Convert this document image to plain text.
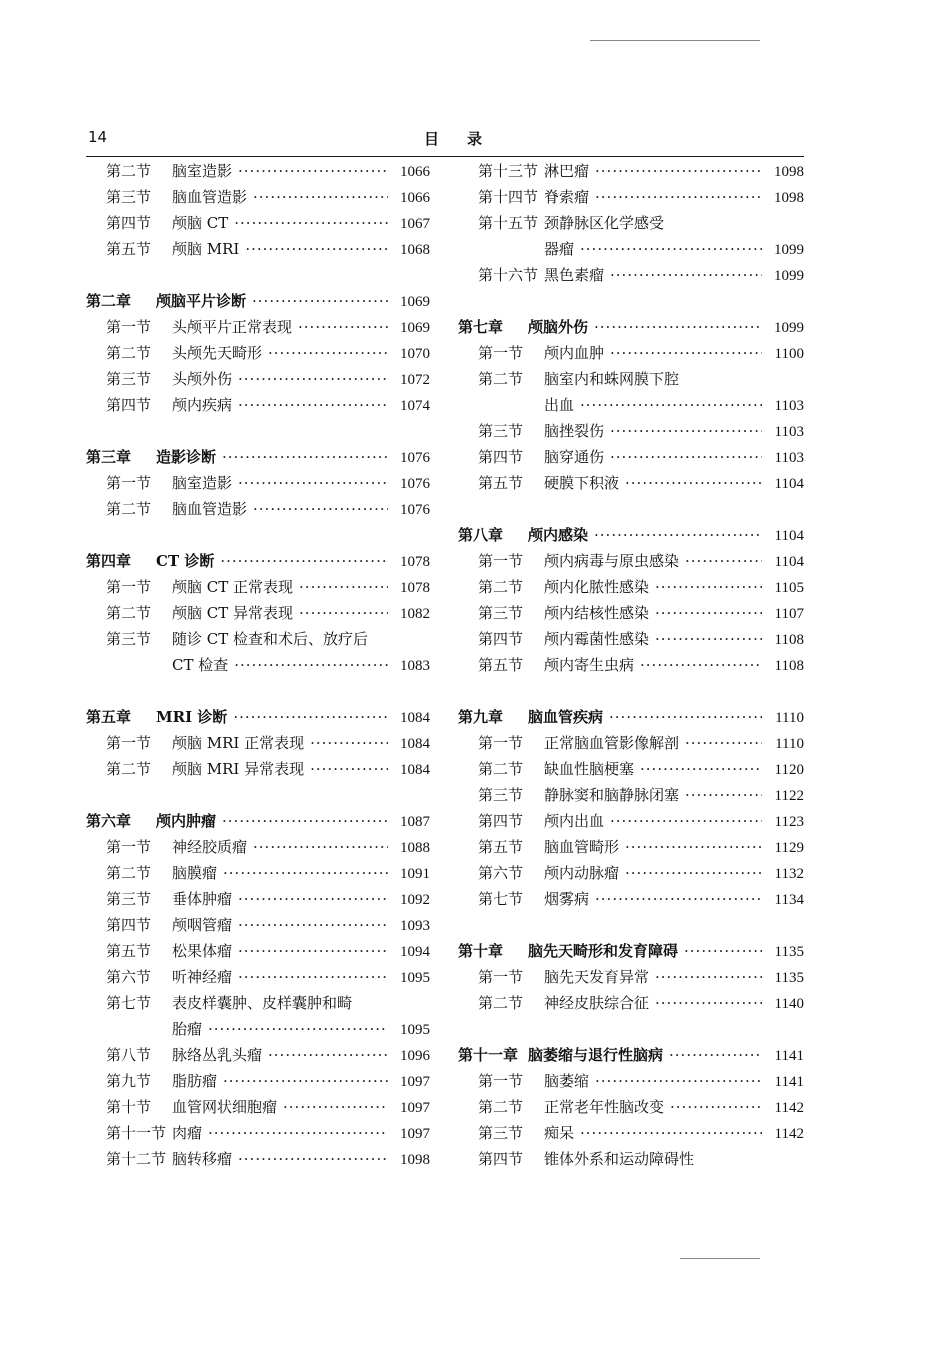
14	目录
第二节	脑室造影 ·····	1066
第三节	脑血管造影 ·····	1066
第四节	颅脑 CT ·····	1067
第五节	颅脑 MRI ·····	1068
第二章	颅脑平片诊断 ·····	1069
第一节	头颅平片正常表现 ·····	1069
第二节	头颅先天畸形 ·····	1070
第三节	头颅外伤 ·····	1072
第四节	颅内疾病 ·····	1074
第三章	造影诊断 ·····	1076
第一节	脑室造影 ·····	1076
第二节	脑血管造影 ·····	1076
第四章	CT 诊断 ·····	1078
第一节	颅脑 CT 正常表现 ·····	1078
第二节	颅脑 CT 异常表现 ·····	1082
第三节	随诊 CT 检查和术后、放疗后
CT 检查 ·····	1083
第五章	MRI 诊断 ·····	1084
第一节	颅脑 MRI 正常表现 ·····	1084
第二节	颅脑 MRI 异常表现 ·····	1084
第六章	颅内肿瘤 ·····	1087
第一节	神经胶质瘤 ·····	1088
第二节	脑膜瘤 ·····	1091
第三节	垂体肿瘤 ·····	1092
第四节	颅咽管瘤 ·····	1093
第五节	松果体瘤 ·····	1094
第六节	听神经瘤 ·····	1095
第七节	表皮样囊肿、皮样囊肿和畸
胎瘤 ·····	1095
第八节	脉络丛乳头瘤 ·····	1096
第九节	脂肪瘤 ·····	1097
第十节	血管网状细胞瘤 ·····	1097
第十一节 肉瘤 ·····	1097
第十二节 脑转移瘤 ·····	1098
第十三节 淋巴瘤 ·····	1098
第十四节 脊索瘤 ·····	1098
第十五节 颈静脉区化学感受
器瘤 ·····	1099
第十六节 黑色素瘤 ·····	1099
第七章	颅脑外伤 ·····	1099
第一节	颅内血肿 ·····	1100
第二节	脑室内和蛛网膜下腔
出血 ·····	1103
第三节	脑挫裂伤 ·····	1103
第四节	脑穿通伤 ·····	1103
第五节	硬膜下积液 ·····	1104
第八章	颅内感染 ·····	1104
第一节	颅内病毒与原虫感染 ·····	1104
第二节	颅内化脓性感染 ·····	1105
第三节	颅内结核性感染 ·····	1107
第四节	颅内霉菌性感染 ·····	1108
第五节	颅内寄生虫病 ·····	1108
第九章	脑血管疾病 ·····	1110
第一节	正常脑血管影像解剖 ·····	1110
第二节	缺血性脑梗塞 ·····	1120
第三节	静脉窦和脑静脉闭塞 ·····	1122
第四节	颅内出血 ·····	1123
第五节	脑血管畸形 ·····	1129
第六节	颅内动脉瘤 ·····	1132
第七节	烟雾病 ·····	1134
第十章	脑先天畸形和发育障碍 ·····	1135
第一节	脑先天发育异常 ·····	1135
第二节	神经皮肤综合征 ·····	1140
第十一章 脑萎缩与退行性脑病 ·····	1141
第一节	脑萎缩 ·····	1141
第二节	正常老年性脑改变 ·····	1142
第三节	痴呆 ·····	1142
第四节	锥体外系和运动障碍性
